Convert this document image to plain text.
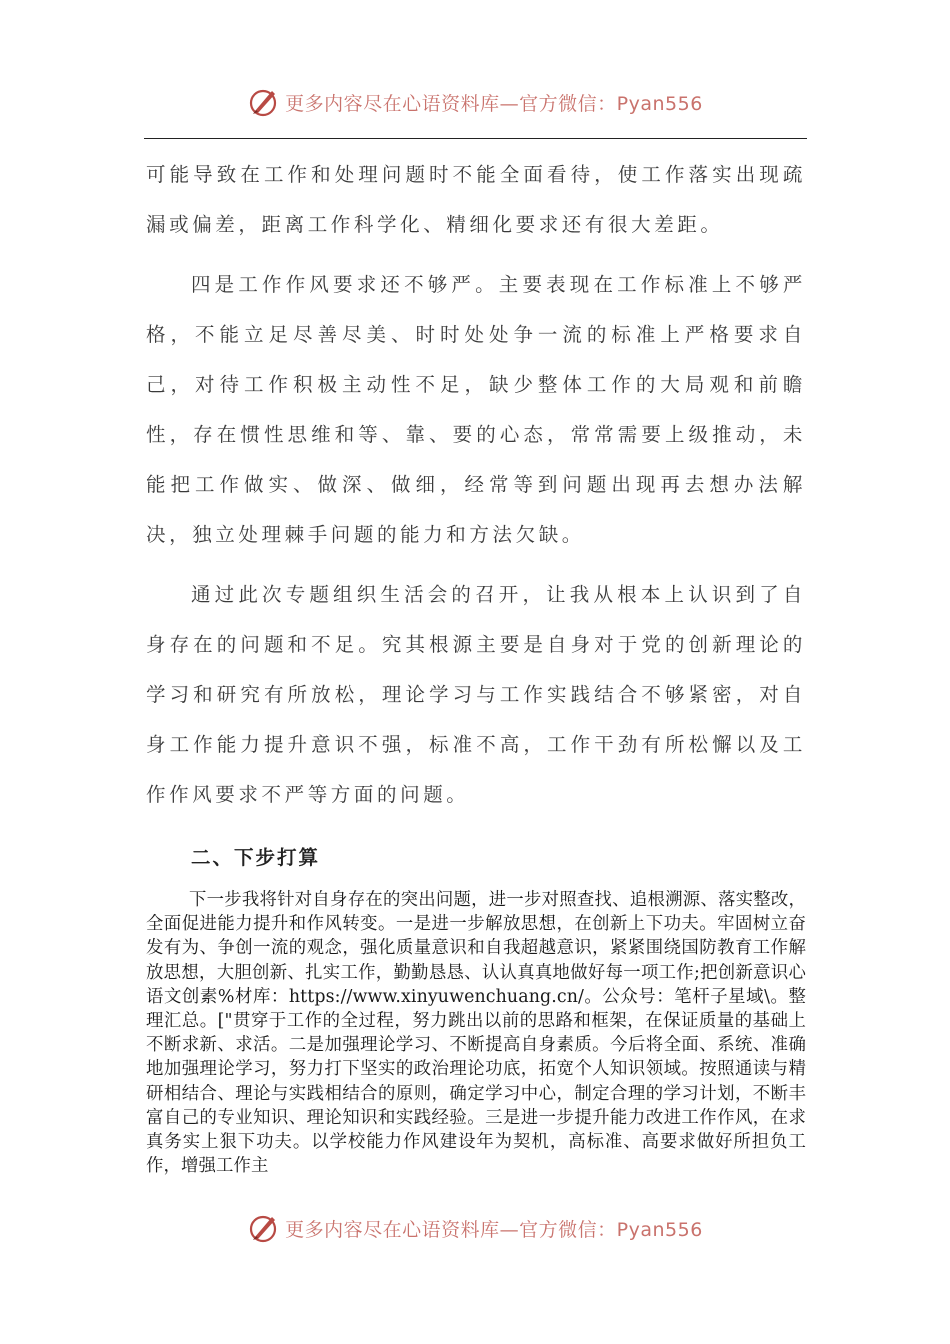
更多内容尽在心语资料库—官方微信：Pyan556

可能导致在工作和处理问题时不能全面看待，使工作落实出现疏漏或偏差，距离工作科学化、精细化要求还有很大差距。

四是工作作风要求还不够严。主要表现在工作标准上不够严格，不能立足尽善尽美、时时处处争一流的标准上严格要求自己，对待工作积极主动性不足，缺少整体工作的大局观和前瞻性，存在惯性思维和等、靠、要的心态，常常需要上级推动，未能把工作做实、做深、做细，经常等到问题出现再去想办法解决，独立处理棘手问题的能力和方法欠缺。

通过此次专题组织生活会的召开，让我从根本上认识到了自身存在的问题和不足。究其根源主要是自身对于党的创新理论的学习和研究有所放松，理论学习与工作实践结合不够紧密，对自身工作能力提升意识不强，标准不高，工作干劲有所松懈以及工作作风要求不严等方面的问题。

二、下步打算

下一步我将针对自身存在的突出问题，进一步对照查找、追根溯源、落实整改，全面促进能力提升和作风转变。一是进一步解放思想，在创新上下功夫。牢固树立奋发有为、争创一流的观念，强化质量意识和自我超越意识，紧紧围绕国防教育工作解放思想，大胆创新、扎实工作，勤勤恳恳、认认真真地做好每一项工作;把创新意识心语文创素%材库：https://www.xinyuwenchuang.cn/。公众号：笔杆子星域\。整理汇总。["贯穿于工作的全过程，努力跳出以前的思路和框架，在保证质量的基础上不断求新、求活。二是加强理论学习、不断提高自身素质。今后将全面、系统、准确地加强理论学习，努力打下坚实的政治理论功底，拓宽个人知识领域。按照通读与精研相结合、理论与实践相结合的原则，确定学习中心，制定合理的学习计划，不断丰富自己的专业知识、理论知识和实践经验。三是进一步提升能力改进工作作风，在求真务实上狠下功夫。以学校能力作风建设年为契机，高标准、高要求做好所担负工作，增强工作主

更多内容尽在心语资料库—官方微信：Pyan556
